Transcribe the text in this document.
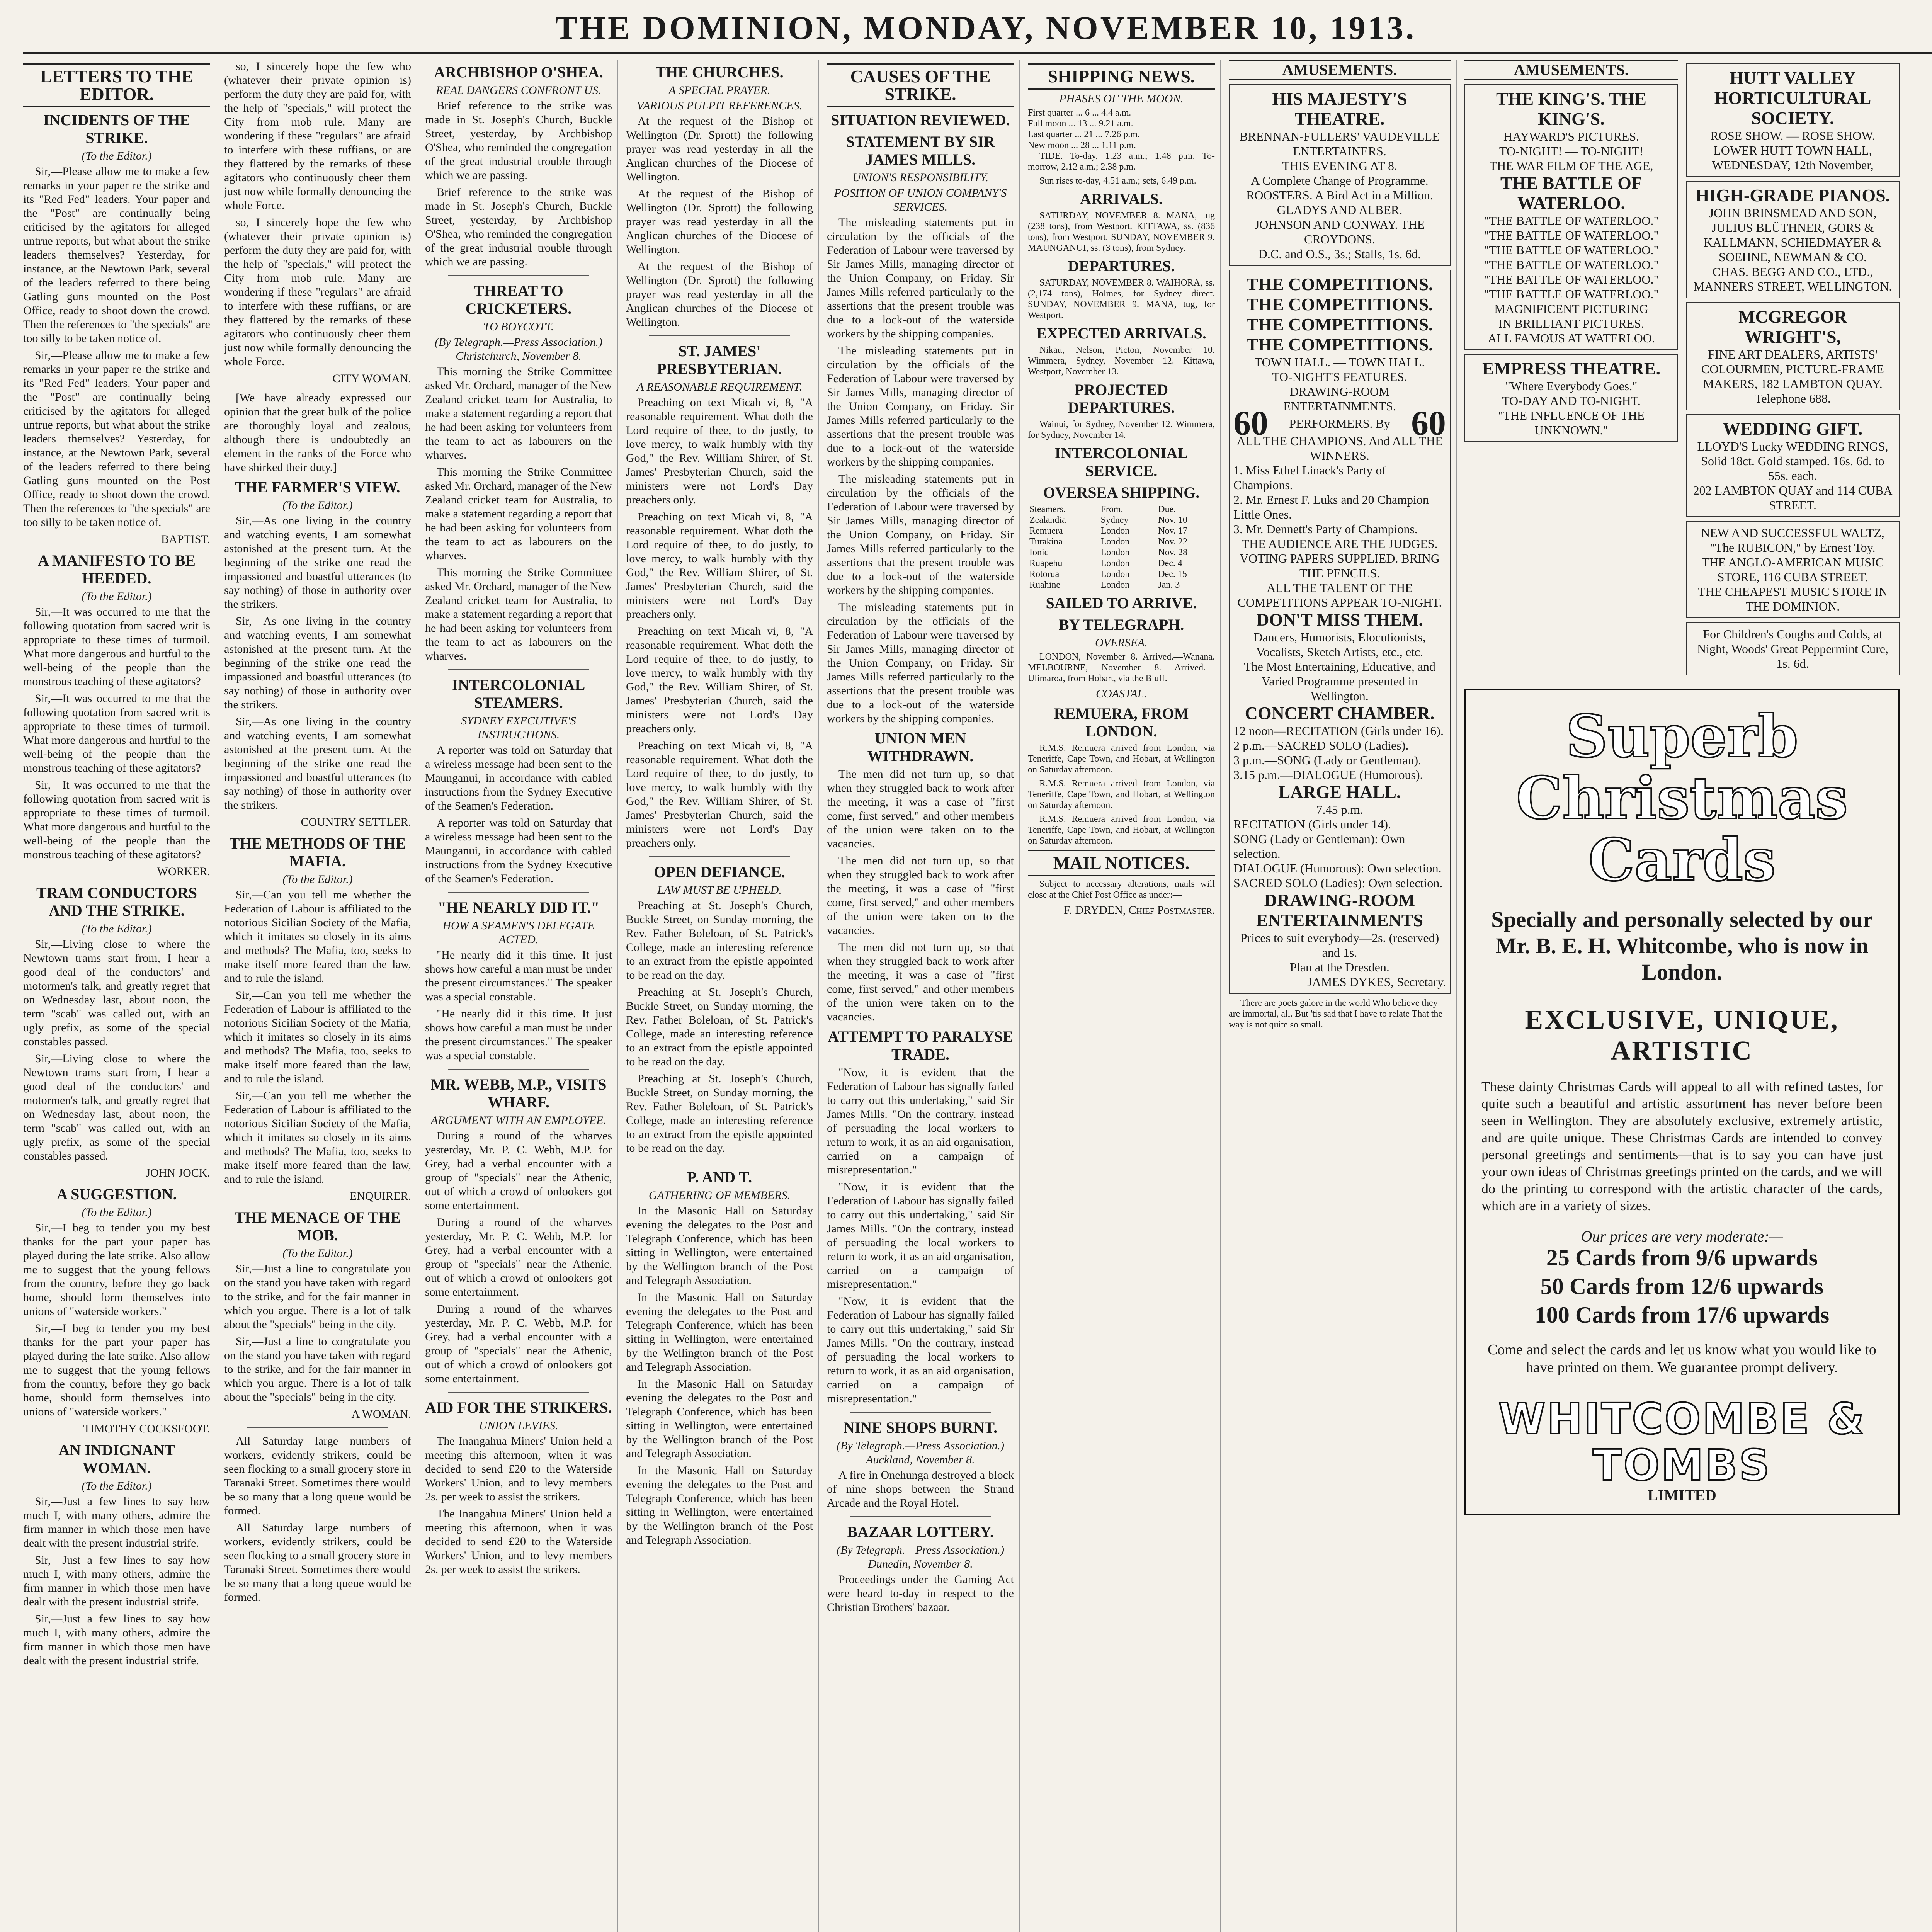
THE DOMINION, MONDAY, NOVEMBER 10, 1913.
LETTERS TO THE EDITOR.
INCIDENTS OF THE STRIKE.
(To the Editor.)

Sir,—Please allow me to make a few remarks in your paper re the strike and its "Red Fed" leaders. Your paper and the "Post" are continually being criticised by the agitators for alleged untrue reports, but what about the strike leaders themselves? Yesterday, for instance, at the Newtown Park, several of the leaders referred to there being Gatling guns mounted on the Post Office, ready to shoot down the crowd. Then the references to "the specials" are too silly to be taken notice of.

Sir,—Please allow me to make a few remarks in your paper re the strike and its "Red Fed" leaders. Your paper and the "Post" are continually being criticised by the agitators for alleged untrue reports, but what about the strike leaders themselves? Yesterday, for instance, at the Newtown Park, several of the leaders referred to there being Gatling guns mounted on the Post Office, ready to shoot down the crowd. Then the references to "the specials" are too silly to be taken notice of.

BAPTIST.
A MANIFESTO TO BE HEEDED.
(To the Editor.)

Sir,—It was occurred to me that the following quotation from sacred writ is appropriate to these times of turmoil. What more dangerous and hurtful to the well-being of the people than the monstrous teaching of these agitators?

Sir,—It was occurred to me that the following quotation from sacred writ is appropriate to these times of turmoil. What more dangerous and hurtful to the well-being of the people than the monstrous teaching of these agitators?

Sir,—It was occurred to me that the following quotation from sacred writ is appropriate to these times of turmoil. What more dangerous and hurtful to the well-being of the people than the monstrous teaching of these agitators?

WORKER.
TRAM CONDUCTORS AND THE STRIKE.
(To the Editor.)

Sir,—Living close to where the Newtown trams start from, I hear a good deal of the conductors' and motormen's talk, and greatly regret that on Wednesday last, about noon, the term "scab" was called out, with an ugly prefix, as some of the special constables passed.

Sir,—Living close to where the Newtown trams start from, I hear a good deal of the conductors' and motormen's talk, and greatly regret that on Wednesday last, about noon, the term "scab" was called out, with an ugly prefix, as some of the special constables passed.

JOHN JOCK.
A SUGGESTION.
(To the Editor.)

Sir,—I beg to tender you my best thanks for the part your paper has played during the late strike. Also allow me to suggest that the young fellows from the country, before they go back home, should form themselves into unions of "waterside workers."

Sir,—I beg to tender you my best thanks for the part your paper has played during the late strike. Also allow me to suggest that the young fellows from the country, before they go back home, should form themselves into unions of "waterside workers."

TIMOTHY COCKSFOOT.
AN INDIGNANT WOMAN.
(To the Editor.)

Sir,—Just a few lines to say how much I, with many others, admire the firm manner in which those men have dealt with the present industrial strife.

Sir,—Just a few lines to say how much I, with many others, admire the firm manner in which those men have dealt with the present industrial strife.

Sir,—Just a few lines to say how much I, with many others, admire the firm manner in which those men have dealt with the present industrial strife.

so, I sincerely hope the few who (whatever their private opinion is) perform the duty they are paid for, with the help of "specials," will protect the City from mob rule. Many are wondering if these "regulars" are afraid to interfere with these ruffians, or are they flattered by the remarks of these agitators who continuously cheer them just now while formally denouncing the whole Force.

so, I sincerely hope the few who (whatever their private opinion is) perform the duty they are paid for, with the help of "specials," will protect the City from mob rule. Many are wondering if these "regulars" are afraid to interfere with these ruffians, or are they flattered by the remarks of these agitators who continuously cheer them just now while formally denouncing the whole Force.

CITY WOMAN.

[We have already expressed our opinion that the great bulk of the police are thoroughly loyal and zealous, although there is undoubtedly an element in the ranks of the Force who have shirked their duty.]

THE FARMER'S VIEW.
(To the Editor.)

Sir,—As one living in the country and watching events, I am somewhat astonished at the present turn. At the beginning of the strike one read the impassioned and boastful utterances (to say nothing) of those in authority over the strikers.

Sir,—As one living in the country and watching events, I am somewhat astonished at the present turn. At the beginning of the strike one read the impassioned and boastful utterances (to say nothing) of those in authority over the strikers.

Sir,—As one living in the country and watching events, I am somewhat astonished at the present turn. At the beginning of the strike one read the impassioned and boastful utterances (to say nothing) of those in authority over the strikers.

COUNTRY SETTLER.
THE METHODS OF THE MAFIA.
(To the Editor.)

Sir,—Can you tell me whether the Federation of Labour is affiliated to the notorious Sicilian Society of the Mafia, which it imitates so closely in its aims and methods? The Mafia, too, seeks to make itself more feared than the law, and to rule the island.

Sir,—Can you tell me whether the Federation of Labour is affiliated to the notorious Sicilian Society of the Mafia, which it imitates so closely in its aims and methods? The Mafia, too, seeks to make itself more feared than the law, and to rule the island.

Sir,—Can you tell me whether the Federation of Labour is affiliated to the notorious Sicilian Society of the Mafia, which it imitates so closely in its aims and methods? The Mafia, too, seeks to make itself more feared than the law, and to rule the island.

ENQUIRER.
THE MENACE OF THE MOB.
(To the Editor.)

Sir,—Just a line to congratulate you on the stand you have taken with regard to the strike, and for the fair manner in which you argue. There is a lot of talk about the "specials" being in the city.

Sir,—Just a line to congratulate you on the stand you have taken with regard to the strike, and for the fair manner in which you argue. There is a lot of talk about the "specials" being in the city.

A WOMAN.

All Saturday large numbers of workers, evidently strikers, could be seen flocking to a small grocery store in Taranaki Street. Sometimes there would be so many that a long queue would be formed.

All Saturday large numbers of workers, evidently strikers, could be seen flocking to a small grocery store in Taranaki Street. Sometimes there would be so many that a long queue would be formed.

ARCHBISHOP O'SHEA.
REAL DANGERS CONFRONT US.

Brief reference to the strike was made in St. Joseph's Church, Buckle Street, yesterday, by Archbishop O'Shea, who reminded the congregation of the great industrial trouble through which we are passing.

Brief reference to the strike was made in St. Joseph's Church, Buckle Street, yesterday, by Archbishop O'Shea, who reminded the congregation of the great industrial trouble through which we are passing.

THREAT TO CRICKETERS.
TO BOYCOTT.
(By Telegraph.—Press Association.) Christchurch, November 8.

This morning the Strike Committee asked Mr. Orchard, manager of the New Zealand cricket team for Australia, to make a statement regarding a report that he had been asking for volunteers from the team to act as labourers on the wharves.

This morning the Strike Committee asked Mr. Orchard, manager of the New Zealand cricket team for Australia, to make a statement regarding a report that he had been asking for volunteers from the team to act as labourers on the wharves.

This morning the Strike Committee asked Mr. Orchard, manager of the New Zealand cricket team for Australia, to make a statement regarding a report that he had been asking for volunteers from the team to act as labourers on the wharves.

INTERCOLONIAL STEAMERS.
SYDNEY EXECUTIVE'S INSTRUCTIONS.

A reporter was told on Saturday that a wireless message had been sent to the Maunganui, in accordance with cabled instructions from the Sydney Executive of the Seamen's Federation.

A reporter was told on Saturday that a wireless message had been sent to the Maunganui, in accordance with cabled instructions from the Sydney Executive of the Seamen's Federation.

"HE NEARLY DID IT."
HOW A SEAMEN'S DELEGATE ACTED.

"He nearly did it this time. It just shows how careful a man must be under the present circumstances." The speaker was a special constable.

"He nearly did it this time. It just shows how careful a man must be under the present circumstances." The speaker was a special constable.

MR. WEBB, M.P., VISITS WHARF.
ARGUMENT WITH AN EMPLOYEE.

During a round of the wharves yesterday, Mr. P. C. Webb, M.P. for Grey, had a verbal encounter with a group of "specials" near the Athenic, out of which a crowd of onlookers got some entertainment.

During a round of the wharves yesterday, Mr. P. C. Webb, M.P. for Grey, had a verbal encounter with a group of "specials" near the Athenic, out of which a crowd of onlookers got some entertainment.

During a round of the wharves yesterday, Mr. P. C. Webb, M.P. for Grey, had a verbal encounter with a group of "specials" near the Athenic, out of which a crowd of onlookers got some entertainment.

AID FOR THE STRIKERS.
UNION LEVIES.

The Inangahua Miners' Union held a meeting this afternoon, when it was decided to send £20 to the Waterside Workers' Union, and to levy members 2s. per week to assist the strikers.

The Inangahua Miners' Union held a meeting this afternoon, when it was decided to send £20 to the Waterside Workers' Union, and to levy members 2s. per week to assist the strikers.

THE CHURCHES.
A SPECIAL PRAYER.
VARIOUS PULPIT REFERENCES.

At the request of the Bishop of Wellington (Dr. Sprott) the following prayer was read yesterday in all the Anglican churches of the Diocese of Wellington.

At the request of the Bishop of Wellington (Dr. Sprott) the following prayer was read yesterday in all the Anglican churches of the Diocese of Wellington.

At the request of the Bishop of Wellington (Dr. Sprott) the following prayer was read yesterday in all the Anglican churches of the Diocese of Wellington.

ST. JAMES' PRESBYTERIAN.
A REASONABLE REQUIREMENT.

Preaching on text Micah vi, 8, "A reasonable requirement. What doth the Lord require of thee, to do justly, to love mercy, to walk humbly with thy God," the Rev. William Shirer, of St. James' Presbyterian Church, said the ministers were not Lord's Day preachers only.

Preaching on text Micah vi, 8, "A reasonable requirement. What doth the Lord require of thee, to do justly, to love mercy, to walk humbly with thy God," the Rev. William Shirer, of St. James' Presbyterian Church, said the ministers were not Lord's Day preachers only.

Preaching on text Micah vi, 8, "A reasonable requirement. What doth the Lord require of thee, to do justly, to love mercy, to walk humbly with thy God," the Rev. William Shirer, of St. James' Presbyterian Church, said the ministers were not Lord's Day preachers only.

Preaching on text Micah vi, 8, "A reasonable requirement. What doth the Lord require of thee, to do justly, to love mercy, to walk humbly with thy God," the Rev. William Shirer, of St. James' Presbyterian Church, said the ministers were not Lord's Day preachers only.

OPEN DEFIANCE.
LAW MUST BE UPHELD.

Preaching at St. Joseph's Church, Buckle Street, on Sunday morning, the Rev. Father Boleloan, of St. Patrick's College, made an interesting reference to an extract from the epistle appointed to be read on the day.

Preaching at St. Joseph's Church, Buckle Street, on Sunday morning, the Rev. Father Boleloan, of St. Patrick's College, made an interesting reference to an extract from the epistle appointed to be read on the day.

Preaching at St. Joseph's Church, Buckle Street, on Sunday morning, the Rev. Father Boleloan, of St. Patrick's College, made an interesting reference to an extract from the epistle appointed to be read on the day.

P. AND T.
GATHERING OF MEMBERS.

In the Masonic Hall on Saturday evening the delegates to the Post and Telegraph Conference, which has been sitting in Wellington, were entertained by the Wellington branch of the Post and Telegraph Association.

In the Masonic Hall on Saturday evening the delegates to the Post and Telegraph Conference, which has been sitting in Wellington, were entertained by the Wellington branch of the Post and Telegraph Association.

In the Masonic Hall on Saturday evening the delegates to the Post and Telegraph Conference, which has been sitting in Wellington, were entertained by the Wellington branch of the Post and Telegraph Association.

In the Masonic Hall on Saturday evening the delegates to the Post and Telegraph Conference, which has been sitting in Wellington, were entertained by the Wellington branch of the Post and Telegraph Association.

CAUSES OF THE STRIKE.
SITUATION REVIEWED.
STATEMENT BY SIR JAMES MILLS.
UNION'S RESPONSIBILITY.
POSITION OF UNION COMPANY'S SERVICES.

The misleading statements put in circulation by the officials of the Federation of Labour were traversed by Sir James Mills, managing director of the Union Company, on Friday. Sir James Mills referred particularly to the assertions that the present trouble was due to a lock-out of the waterside workers by the shipping companies.

The misleading statements put in circulation by the officials of the Federation of Labour were traversed by Sir James Mills, managing director of the Union Company, on Friday. Sir James Mills referred particularly to the assertions that the present trouble was due to a lock-out of the waterside workers by the shipping companies.

The misleading statements put in circulation by the officials of the Federation of Labour were traversed by Sir James Mills, managing director of the Union Company, on Friday. Sir James Mills referred particularly to the assertions that the present trouble was due to a lock-out of the waterside workers by the shipping companies.

The misleading statements put in circulation by the officials of the Federation of Labour were traversed by Sir James Mills, managing director of the Union Company, on Friday. Sir James Mills referred particularly to the assertions that the present trouble was due to a lock-out of the waterside workers by the shipping companies.

UNION MEN WITHDRAWN.

The men did not turn up, so that when they struggled back to work after the meeting, it was a case of "first come, first served," and other members of the union were taken on to the vacancies.

The men did not turn up, so that when they struggled back to work after the meeting, it was a case of "first come, first served," and other members of the union were taken on to the vacancies.

The men did not turn up, so that when they struggled back to work after the meeting, it was a case of "first come, first served," and other members of the union were taken on to the vacancies.

ATTEMPT TO PARALYSE TRADE.

"Now, it is evident that the Federation of Labour has signally failed to carry out this undertaking," said Sir James Mills. "On the contrary, instead of persuading the local workers to return to work, it as an aid organisation, carried on a campaign of misrepresentation."

"Now, it is evident that the Federation of Labour has signally failed to carry out this undertaking," said Sir James Mills. "On the contrary, instead of persuading the local workers to return to work, it as an aid organisation, carried on a campaign of misrepresentation."

"Now, it is evident that the Federation of Labour has signally failed to carry out this undertaking," said Sir James Mills. "On the contrary, instead of persuading the local workers to return to work, it as an aid organisation, carried on a campaign of misrepresentation."

NINE SHOPS BURNT.
(By Telegraph.—Press Association.) Auckland, November 8.

A fire in Onehunga destroyed a block of nine shops between the Strand Arcade and the Royal Hotel.

BAZAAR LOTTERY.
(By Telegraph.—Press Association.) Dunedin, November 8.

Proceedings under the Gaming Act were heard to-day in respect to the Christian Brothers' bazaar.

SHIPPING NEWS.
PHASES OF THE MOON.
First quarter ... 6 ... 4.4 a.m.
Full moon ... 13 ... 9.21 a.m.
Last quarter ... 21 ... 7.26 p.m.
New moon ... 28 ... 1.11 p.m.

TIDE. To-day, 1.23 a.m.; 1.48 p.m. To-morrow, 2.12 a.m.; 2.38 p.m.

Sun rises to-day, 4.51 a.m.; sets, 6.49 p.m.

ARRIVALS.

SATURDAY, NOVEMBER 8. MANA, tug (238 tons), from Westport. KITTAWA, ss. (836 tons), from Westport. SUNDAY, NOVEMBER 9. MAUNGANUI, ss. (3 tons), from Sydney.

DEPARTURES.

SATURDAY, NOVEMBER 8. WAIHORA, ss. (2,174 tons), Holmes, for Sydney direct. SUNDAY, NOVEMBER 9. MANA, tug, for Westport.

EXPECTED ARRIVALS.

Nikau, Nelson, Picton, November 10. Wimmera, Sydney, November 12. Kittawa, Westport, November 13.

PROJECTED DEPARTURES.

Wainui, for Sydney, November 12. Wimmera, for Sydney, November 14.

INTERCOLONIAL SERVICE.
OVERSEA SHIPPING.
Steamers.	From.	Due.
Zealandia	Sydney	Nov. 10
Remuera	London	Nov. 17
Turakina	London	Nov. 22
Ionic	London	Nov. 28
Ruapehu	London	Dec. 4
Rotorua	London	Dec. 15
Ruahine	London	Jan. 3
SAILED TO ARRIVE.
BY TELEGRAPH.
OVERSEA.

LONDON, November 8. Arrived.—Wanana. MELBOURNE, November 8. Arrived.—Ulimaroa, from Hobart, via the Bluff.

COASTAL.
REMUERA, FROM LONDON.

R.M.S. Remuera arrived from London, via Teneriffe, Cape Town, and Hobart, at Wellington on Saturday afternoon.

R.M.S. Remuera arrived from London, via Teneriffe, Cape Town, and Hobart, at Wellington on Saturday afternoon.

R.M.S. Remuera arrived from London, via Teneriffe, Cape Town, and Hobart, at Wellington on Saturday afternoon.

MAIL NOTICES.

Subject to necessary alterations, mails will close at the Chief Post Office as under:—

F. DRYDEN, Chief Postmaster.
AMUSEMENTS.
HIS MAJESTY'S THEATRE.
BRENNAN-FULLERS' VAUDEVILLE ENTERTAINERS.
THIS EVENING AT 8.
A Complete Change of Programme.
ROOSTERS. A Bird Act in a Million.
GLADYS AND ALBER.
JOHNSON AND CONWAY. THE CROYDONS.
D.C. and O.S., 3s.; Stalls, 1s. 6d.
THE COMPETITIONS.
THE COMPETITIONS.
THE COMPETITIONS.
THE COMPETITIONS.
TOWN HALL. — TOWN HALL.
TO-NIGHT'S FEATURES.
DRAWING-ROOM ENTERTAINMENTS.
60 PERFORMERS. By 60
ALL THE CHAMPIONS. And ALL THE WINNERS.
1. Miss Ethel Linack's Party of Champions.
2. Mr. Ernest F. Luks and 20 Champion Little Ones.
3. Mr. Dennett's Party of Champions.
THE AUDIENCE ARE THE JUDGES. VOTING PAPERS SUPPLIED. BRING THE PENCILS.
ALL THE TALENT OF THE COMPETITIONS APPEAR TO-NIGHT.
DON'T MISS THEM.
Dancers, Humorists, Elocutionists, Vocalists, Sketch Artists, etc., etc.
The Most Entertaining, Educative, and Varied Programme presented in Wellington.
CONCERT CHAMBER.
12 noon—RECITATION (Girls under 16).
2 p.m.—SACRED SOLO (Ladies).
3 p.m.—SONG (Lady or Gentleman).
3.15 p.m.—DIALOGUE (Humorous).
LARGE HALL.
7.45 p.m.
RECITATION (Girls under 14).
SONG (Lady or Gentleman): Own selection.
DIALOGUE (Humorous): Own selection.
SACRED SOLO (Ladies): Own selection.
DRAWING-ROOM ENTERTAINMENTS
Prices to suit everybody—2s. (reserved) and 1s.
Plan at the Dresden.
JAMES DYKES, Secretary.

There are poets galore in the world Who believe they are immortal, all. But 'tis sad that I have to relate That the way is not quite so small.

AMUSEMENTS.
THE KING'S. THE KING'S.
HAYWARD'S PICTURES.
TO-NIGHT! — TO-NIGHT!
THE WAR FILM OF THE AGE,
THE BATTLE OF WATERLOO.
"THE BATTLE OF WATERLOO."
"THE BATTLE OF WATERLOO."
"THE BATTLE OF WATERLOO."
"THE BATTLE OF WATERLOO."
"THE BATTLE OF WATERLOO."
"THE BATTLE OF WATERLOO."
MAGNIFICENT PICTURING
IN BRILLIANT PICTURES.
ALL FAMOUS AT WATERLOO.
EMPRESS THEATRE.
"Where Everybody Goes."
TO-DAY AND TO-NIGHT.
"THE INFLUENCE OF THE UNKNOWN."
HUTT VALLEY HORTICULTURAL SOCIETY.
ROSE SHOW. — ROSE SHOW.
LOWER HUTT TOWN HALL,
WEDNESDAY, 12th November,
HIGH-GRADE PIANOS.
JOHN BRINSMEAD AND SON, JULIUS BLÜTHNER, GORS & KALLMANN, SCHIEDMAYER & SOEHNE, NEWMAN & CO.
CHAS. BEGG AND CO., LTD., MANNERS STREET, WELLINGTON.
MCGREGOR WRIGHT'S,
FINE ART DEALERS, ARTISTS' COLOURMEN, PICTURE-FRAME MAKERS, 182 LAMBTON QUAY.
Telephone 688.
WEDDING GIFT.
LLOYD'S Lucky WEDDING RINGS, Solid 18ct. Gold stamped. 16s. 6d. to 55s. each.
202 LAMBTON QUAY and 114 CUBA STREET.
NEW AND SUCCESSFUL WALTZ, "The RUBICON," by Ernest Toy.
THE ANGLO-AMERICAN MUSIC STORE, 116 CUBA STREET.
THE CHEAPEST MUSIC STORE IN THE DOMINION.
For Children's Coughs and Colds, at Night, Woods' Great Peppermint Cure, 1s. 6d.
Superb
Christmas Cards
Specially and personally selected by our Mr. B. E. H. Whitcombe, who is now in London.
EXCLUSIVE, UNIQUE, ARTISTIC
These dainty Christmas Cards will appeal to all with refined tastes, for quite such a beautiful and artistic assortment has never before been seen in Wellington. They are absolutely exclusive, extremely artistic, and are quite unique. These Christmas Cards are intended to convey personal greetings and sentiments—that is to say you can have just your own ideas of Christmas greetings printed on the cards, and we will do the printing to correspond with the artistic character of the cards, which are in a variety of sizes.
Our prices are very moderate:—
25 Cards from 9/6 upwards
50 Cards from 12/6 upwards
100 Cards from 17/6 upwards
Come and select the cards and let us know what you would like to have printed on them. We guarantee prompt delivery.
WHITCOMBE & TOMBS
LIMITED
